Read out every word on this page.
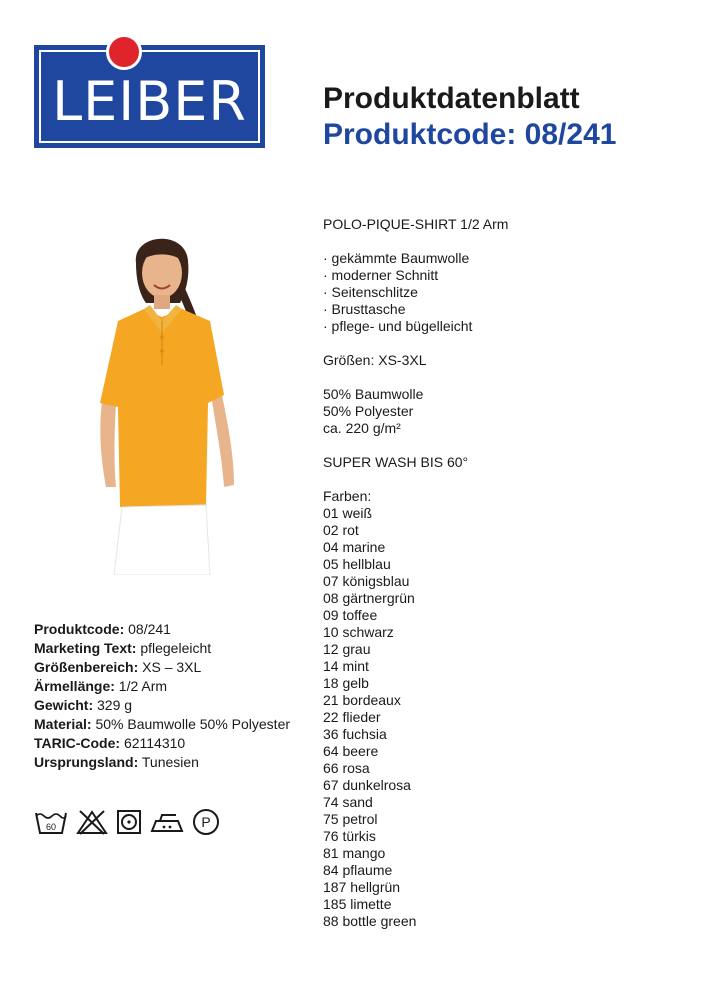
LEIBER	Produktdatenblatt
Produktcode: 08/241
POLO-PIQUE-SHIRT 1/2 Arm
· gekämmte Baumwolle
· moderner Schnitt
· Seitenschlitze
· Brusttasche
· pflege- und bügelleicht
Größen: XS-3XL
50% Baumwolle
50% Polyester
ca. 220 g/m²
SUPER WASH BIS 60°
Farben:
01 weiß
02 rot
04 marine
05 hellblau
07 königsblau
08 gärtnergrün
09 toffee
10 schwarz
12 grau
14 mint
18 gelb
21 bordeaux
22 flieder
36 fuchsia
64 beere
66 rosa
67 dunkelrosa
74 sand
75 petrol
76 türkis
81 mango
84 pflaume
187 hellgrün
185 limette
88 bottle green
Produktcode: 08/241
Marketing Text: pflegeleicht
Größenbereich: XS – 3XL
Ärmellänge: 1/2 Arm
Gewicht: 329 g
Material: 50% Baumwolle 50% Polyester
TARIC-Code: 62114310
Ursprungsland: Tunesien
60	P
